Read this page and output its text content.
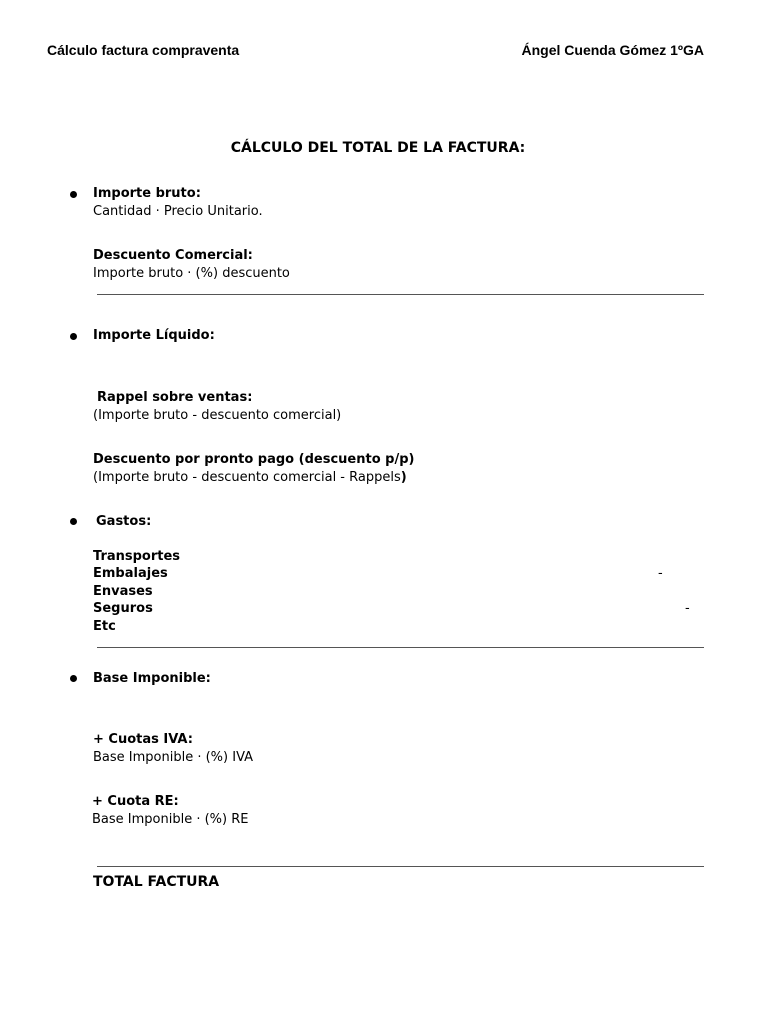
Cálculo factura compraventa	Ángel Cuenda Gómez 1ºGA
CÁLCULO DEL TOTAL DE LA FACTURA:
Importe bruto:
Cantidad · Precio Unitario.
Descuento Comercial:
Importe bruto · (%) descuento
Importe Líquido:
Rappel sobre ventas:
(Importe bruto - descuento comercial)
Descuento por pronto pago (descuento p/p)
(Importe bruto - descuento comercial - Rappels)
Gastos:
Transportes
Embalajes	-
Envases
Seguros	-
Etc
Base Imponible:
+ Cuotas IVA:
Base Imponible · (%) IVA
+ Cuota RE:
Base Imponible · (%) RE
TOTAL FACTURA
